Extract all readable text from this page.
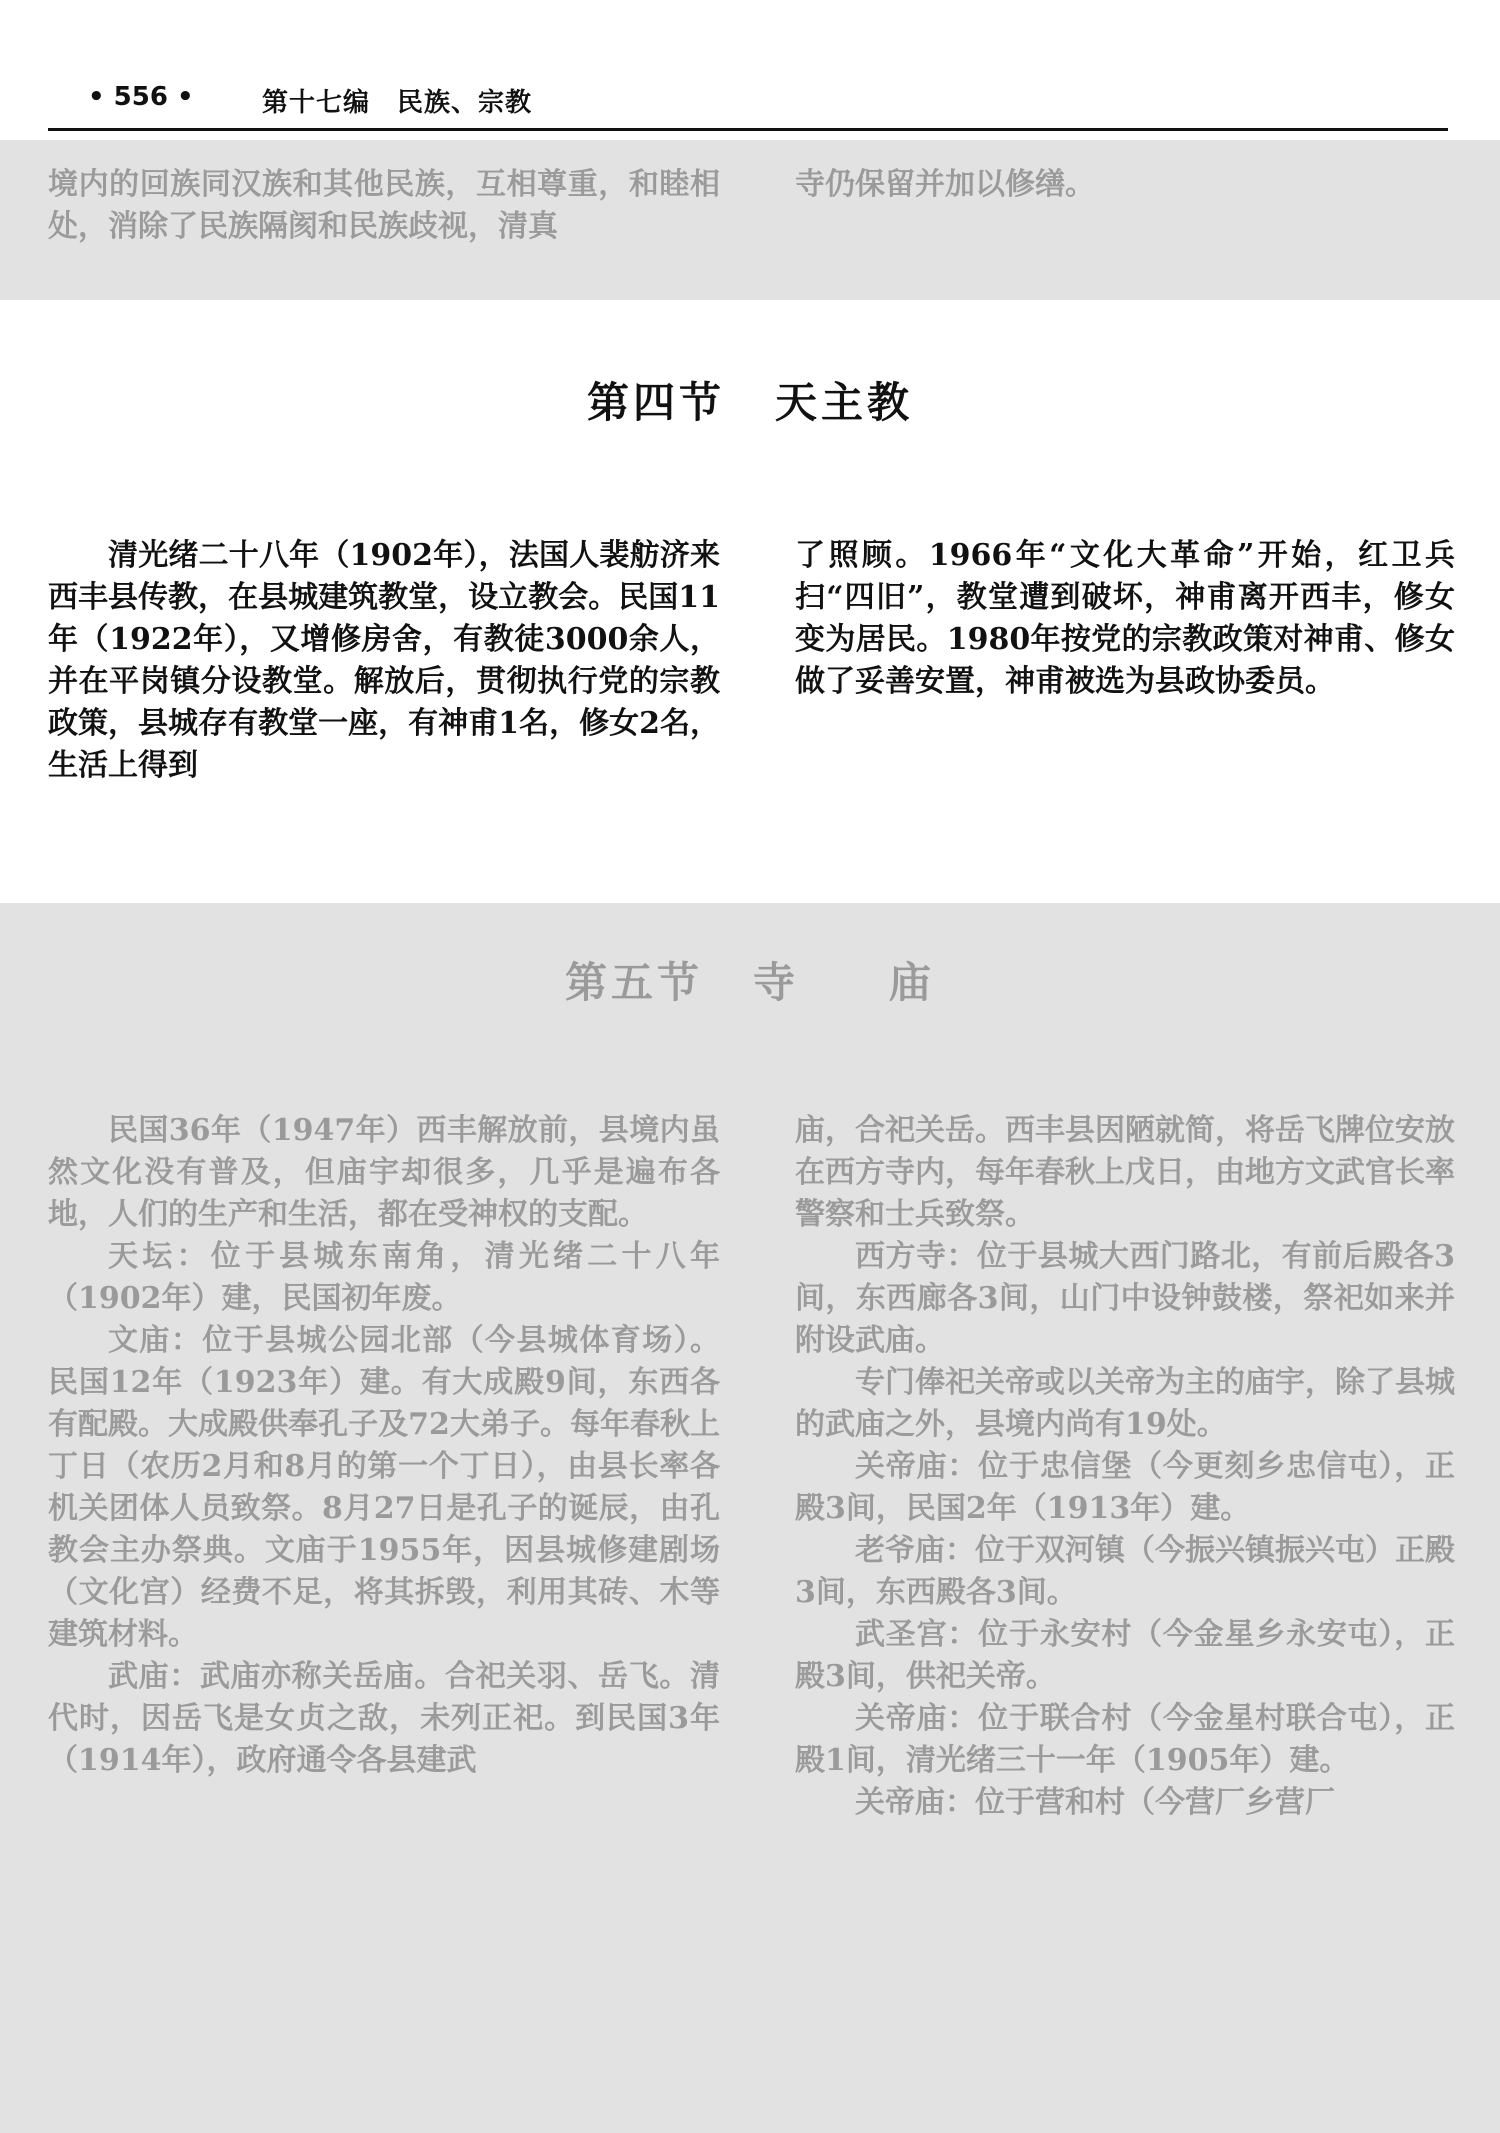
• 556 •	第十七编　民族、宗教

境内的回族同汉族和其他民族，互相尊重，和睦相处，消除了民族隔阂和民族歧视，清真

寺仍保留并加以修缮。

第四节 天主教

清光绪二十八年（1902年），法国人裴舫济来西丰县传教，在县城建筑教堂，设立教会。民国11年（1922年），又增修房舍，有教徒3000余人，并在平岗镇分设教堂。解放后，贯彻执行党的宗教政策，县城存有教堂一座，有神甫1名，修女2名，生活上得到

了照顾。1966年“文化大革命”开始，红卫兵扫“四旧”，教堂遭到破坏，神甫离开西丰，修女变为居民。1980年按党的宗教政策对神甫、修女做了妥善安置，神甫被选为县政协委员。

第五节 寺 庙

民国36年（1947年）西丰解放前，县境内虽然文化没有普及，但庙宇却很多，几乎是遍布各地，人们的生产和生活，都在受神权的支配。

天坛：位于县城东南角，清光绪二十八年（1902年）建，民国初年废。

文庙：位于县城公园北部（今县城体育场）。民国12年（1923年）建。有大成殿9间，东西各有配殿。大成殿供奉孔子及72大弟子。每年春秋上丁日（农历2月和8月的第一个丁日），由县长率各机关团体人员致祭。8月27日是孔子的诞辰，由孔教会主办祭典。文庙于1955年，因县城修建剧场（文化宫）经费不足，将其拆毁，利用其砖、木等建筑材料。

武庙：武庙亦称关岳庙。合祀关羽、岳飞。清代时，因岳飞是女贞之敌，未列正祀。到民国3年（1914年），政府通令各县建武

庙，合祀关岳。西丰县因陋就简，将岳飞牌位安放在西方寺内，每年春秋上戊日，由地方文武官长率警察和士兵致祭。

西方寺：位于县城大西门路北，有前后殿各3间，东西廊各3间，山门中设钟鼓楼，祭祀如来并附设武庙。

专门俸祀关帝或以关帝为主的庙宇，除了县城的武庙之外，县境内尚有19处。

关帝庙：位于忠信堡（今更刻乡忠信屯），正殿3间，民国2年（1913年）建。

老爷庙：位于双河镇（今振兴镇振兴屯）正殿3间，东西殿各3间。

武圣宫：位于永安村（今金星乡永安屯），正殿3间，供祀关帝。

关帝庙：位于联合村（今金星村联合屯），正殿1间，清光绪三十一年（1905年）建。

关帝庙：位于营和村（今营厂乡营厂
